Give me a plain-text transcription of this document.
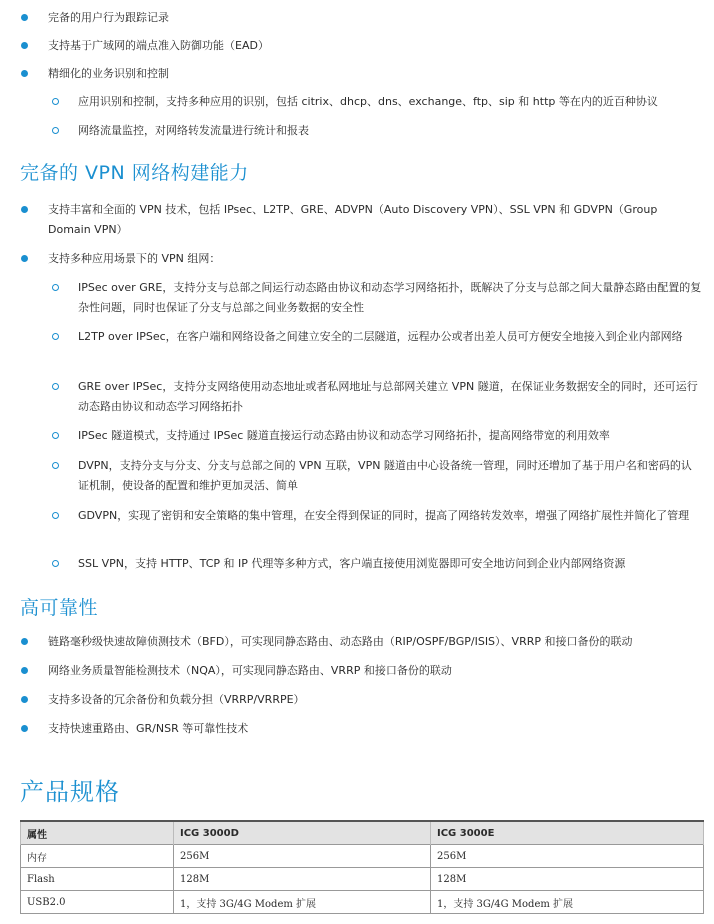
完备的用户行为跟踪记录
支持基于广域网的端点准入防御功能（EAD）
精细化的业务识别和控制
应用识别和控制，支持多种应用的识别，包括 citrix、dhcp、dns、exchange、ftp、sip 和 http 等在内的近百种协议
网络流量监控，对网络转发流量进行统计和报表
完备的 VPN 网络构建能力
支持丰富和全面的 VPN 技术，包括 IPsec、L2TP、GRE、ADVPN（Auto Discovery VPN）、SSL VPN 和 GDVPN（Group Domain VPN）
支持多种应用场景下的 VPN 组网：
IPSec over GRE，支持分支与总部之间运行动态路由协议和动态学习网络拓扑，既解决了分支与总部之间大量静态路由配置的复杂性问题，同时也保证了分支与总部之间业务数据的安全性
L2TP over IPSec，在客户端和网络设备之间建立安全的二层隧道，远程办公或者出差人员可方便安全地接入到企业内部网络
GRE over IPSec，支持分支网络使用动态地址或者私网地址与总部网关建立 VPN 隧道，在保证业务数据安全的同时，还可运行动态路由协议和动态学习网络拓扑
IPSec 隧道模式，支持通过 IPSec 隧道直接运行动态路由协议和动态学习网络拓扑，提高网络带宽的利用效率
DVPN，支持分支与分支、分支与总部之间的 VPN 互联，VPN 隧道由中心设备统一管理，同时还增加了基于用户名和密码的认证机制，使设备的配置和维护更加灵活、简单
GDVPN，实现了密钥和安全策略的集中管理，在安全得到保证的同时，提高了网络转发效率，增强了网络扩展性并简化了管理
SSL VPN，支持 HTTP、TCP 和 IP 代理等多种方式，客户端直接使用浏览器即可安全地访问到企业内部网络资源
高可靠性
链路毫秒级快速故障侦测技术（BFD），可实现同静态路由、动态路由（RIP/OSPF/BGP/ISIS）、VRRP 和接口备份的联动
网络业务质量智能检测技术（NQA），可实现同静态路由、VRRP 和接口备份的联动
支持多设备的冗余备份和负载分担（VRRP/VRRPE）
支持快速重路由、GR/NSR 等可靠性技术
产品规格
属性	ICG 3000D	ICG 3000E
内存	256M	256M
Flash	128M	128M
USB2.0	1，支持 3G/4G Modem 扩展	1，支持 3G/4G Modem 扩展
